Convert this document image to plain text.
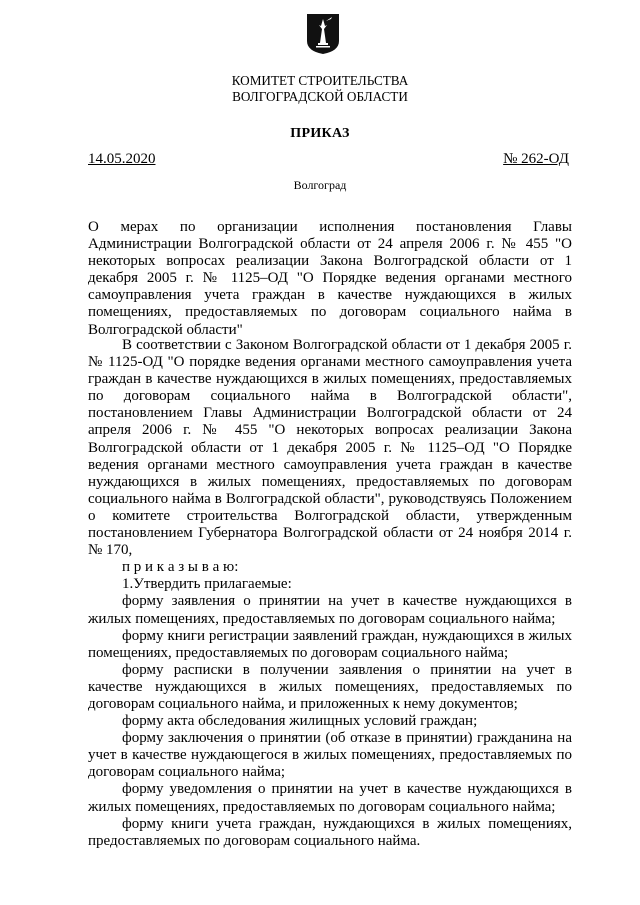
КОМИТЕТ СТРОИТЕЛЬСТВА
ВОЛГОГРАДСКОЙ ОБЛАСТИ
ПРИКАЗ
14.05.2020	№ 262-ОД
Волгоград

О мерах по организации исполнения постановления Главы Администрации Волгоградской области от 24 апреля 2006 г. № 455 "О некоторых вопросах реализации Закона Волгоградской области от 1 декабря 2005 г. № 1125–ОД "О Порядке ведения органами местного самоуправления учета граждан в качестве нуждающихся в жилых помещениях, предоставляемых по договорам социального найма в Волгоградской области"

В соответствии с Законом Волгоградской области от 1 декабря 2005 г. № 1125-ОД "О порядке ведения органами местного самоуправления учета граждан в качестве нуждающихся в жилых помещениях, предоставляемых по договорам социального найма в Волгоградской области", постановлением Главы Администрации Волгоградской области от 24 апреля 2006 г. № 455 "О некоторых вопросах реализации Закона Волгоградской области от 1 декабря 2005 г. № 1125–ОД "О Порядке ведения органами местного самоуправления учета граждан в качестве нуждающихся в жилых помещениях, предоставляемых по договорам социального найма в Волгоградской области", руководствуясь Положением о комитете строительства Волгоградской области, утвержденным постановлением Губернатора Волгоградской области от 24 ноября 2014 г. № 170,

п р и к а з ы в а ю:

1.Утвердить прилагаемые:

форму заявления о принятии на учет в качестве нуждающихся в жилых помещениях, предоставляемых по договорам социального найма;

форму книги регистрации заявлений граждан, нуждающихся в жилых помещениях, предоставляемых по договорам социального найма;

форму расписки в получении заявления о принятии на учет в качестве нуждающихся в жилых помещениях, предоставляемых по договорам социального найма, и приложенных к нему документов;

форму акта обследования жилищных условий граждан;

форму заключения о принятии (об отказе в принятии) гражданина на учет в качестве нуждающегося в жилых помещениях, предоставляемых по договорам социального найма;

форму уведомления о принятии на учет в качестве нуждающихся в жилых помещениях, предоставляемых по договорам социального найма;

форму книги учета граждан, нуждающихся в жилых помещениях, предоставляемых по договорам социального найма.
